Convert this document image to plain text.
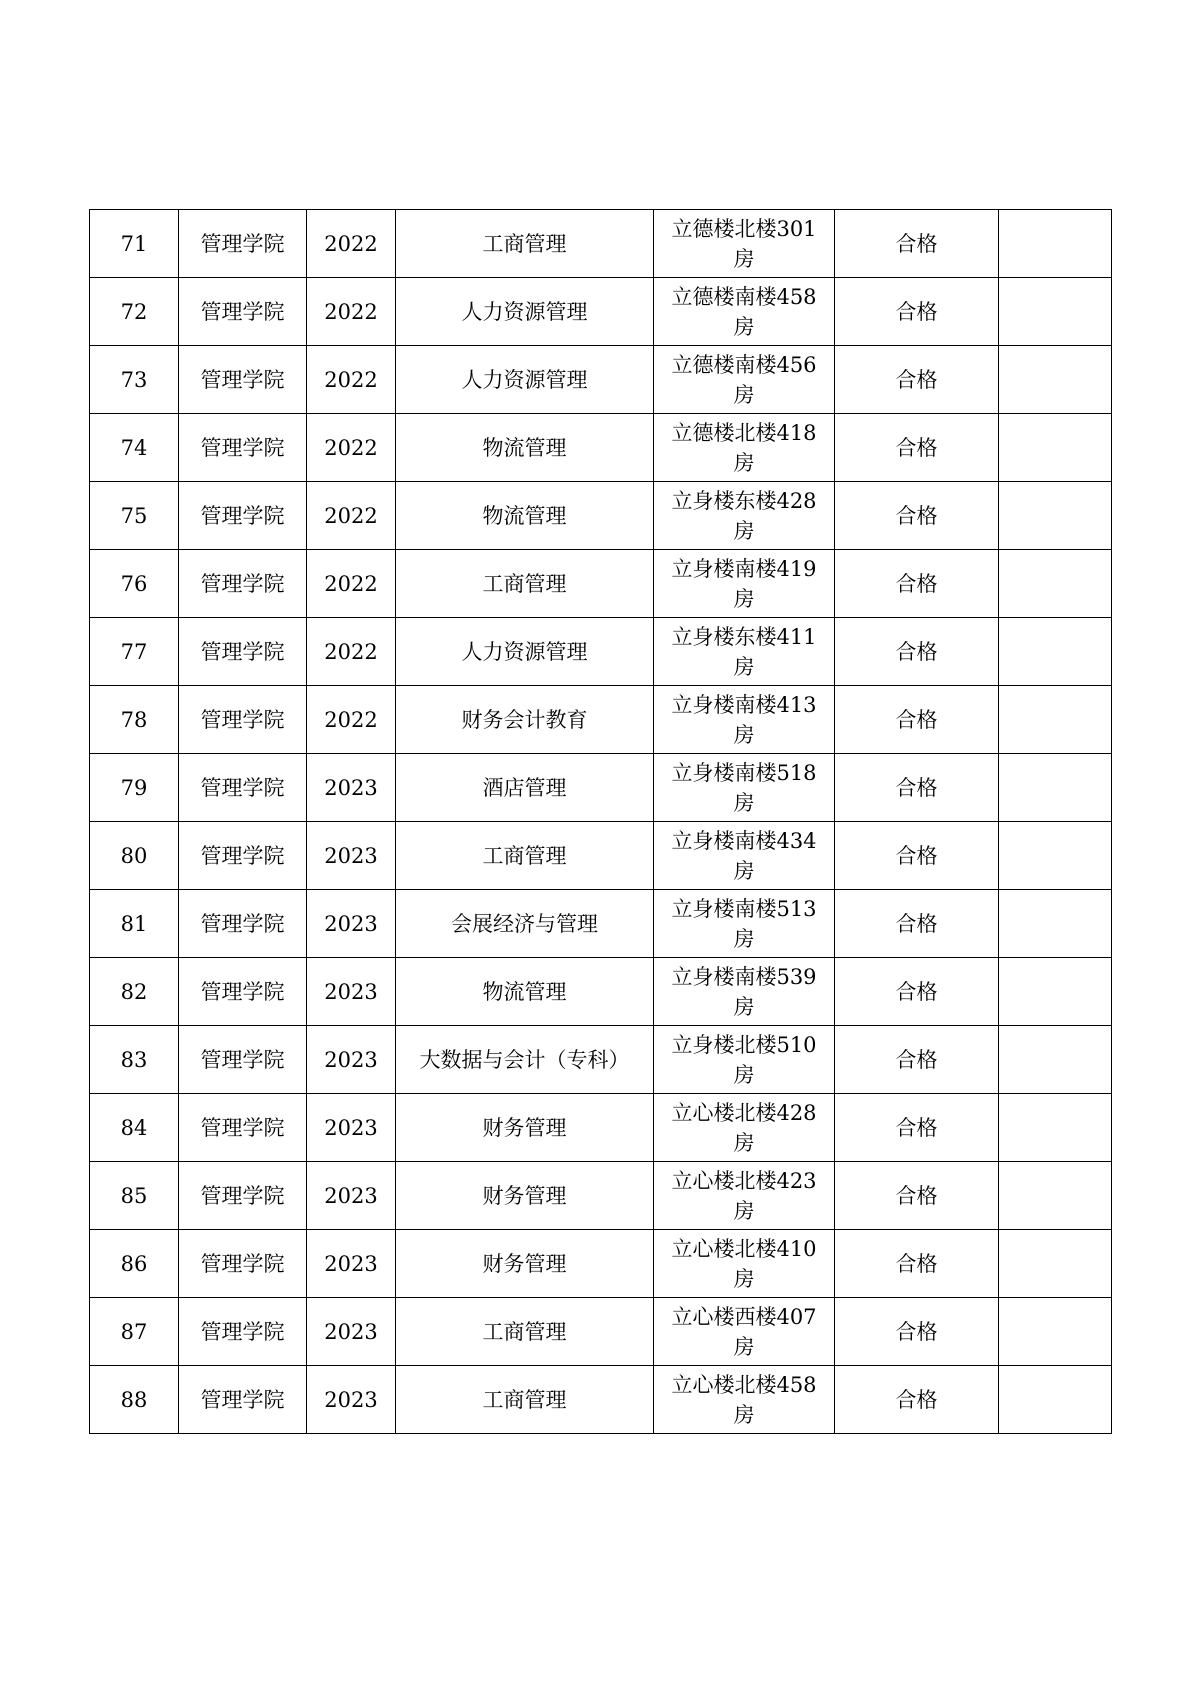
71	管理学院	2022	工商管理	立德楼北楼301房	合格	
72	管理学院	2022	人力资源管理	立德楼南楼458房	合格	
73	管理学院	2022	人力资源管理	立德楼南楼456房	合格	
74	管理学院	2022	物流管理	立德楼北楼418房	合格	
75	管理学院	2022	物流管理	立身楼东楼428房	合格	
76	管理学院	2022	工商管理	立身楼南楼419房	合格	
77	管理学院	2022	人力资源管理	立身楼东楼411房	合格	
78	管理学院	2022	财务会计教育	立身楼南楼413房	合格	
79	管理学院	2023	酒店管理	立身楼南楼518房	合格	
80	管理学院	2023	工商管理	立身楼南楼434房	合格	
81	管理学院	2023	会展经济与管理	立身楼南楼513房	合格	
82	管理学院	2023	物流管理	立身楼南楼539房	合格	
83	管理学院	2023	大数据与会计（专科）	立身楼北楼510房	合格	
84	管理学院	2023	财务管理	立心楼北楼428房	合格	
85	管理学院	2023	财务管理	立心楼北楼423房	合格	
86	管理学院	2023	财务管理	立心楼北楼410房	合格	
87	管理学院	2023	工商管理	立心楼西楼407房	合格	
88	管理学院	2023	工商管理	立心楼北楼458房	合格	
